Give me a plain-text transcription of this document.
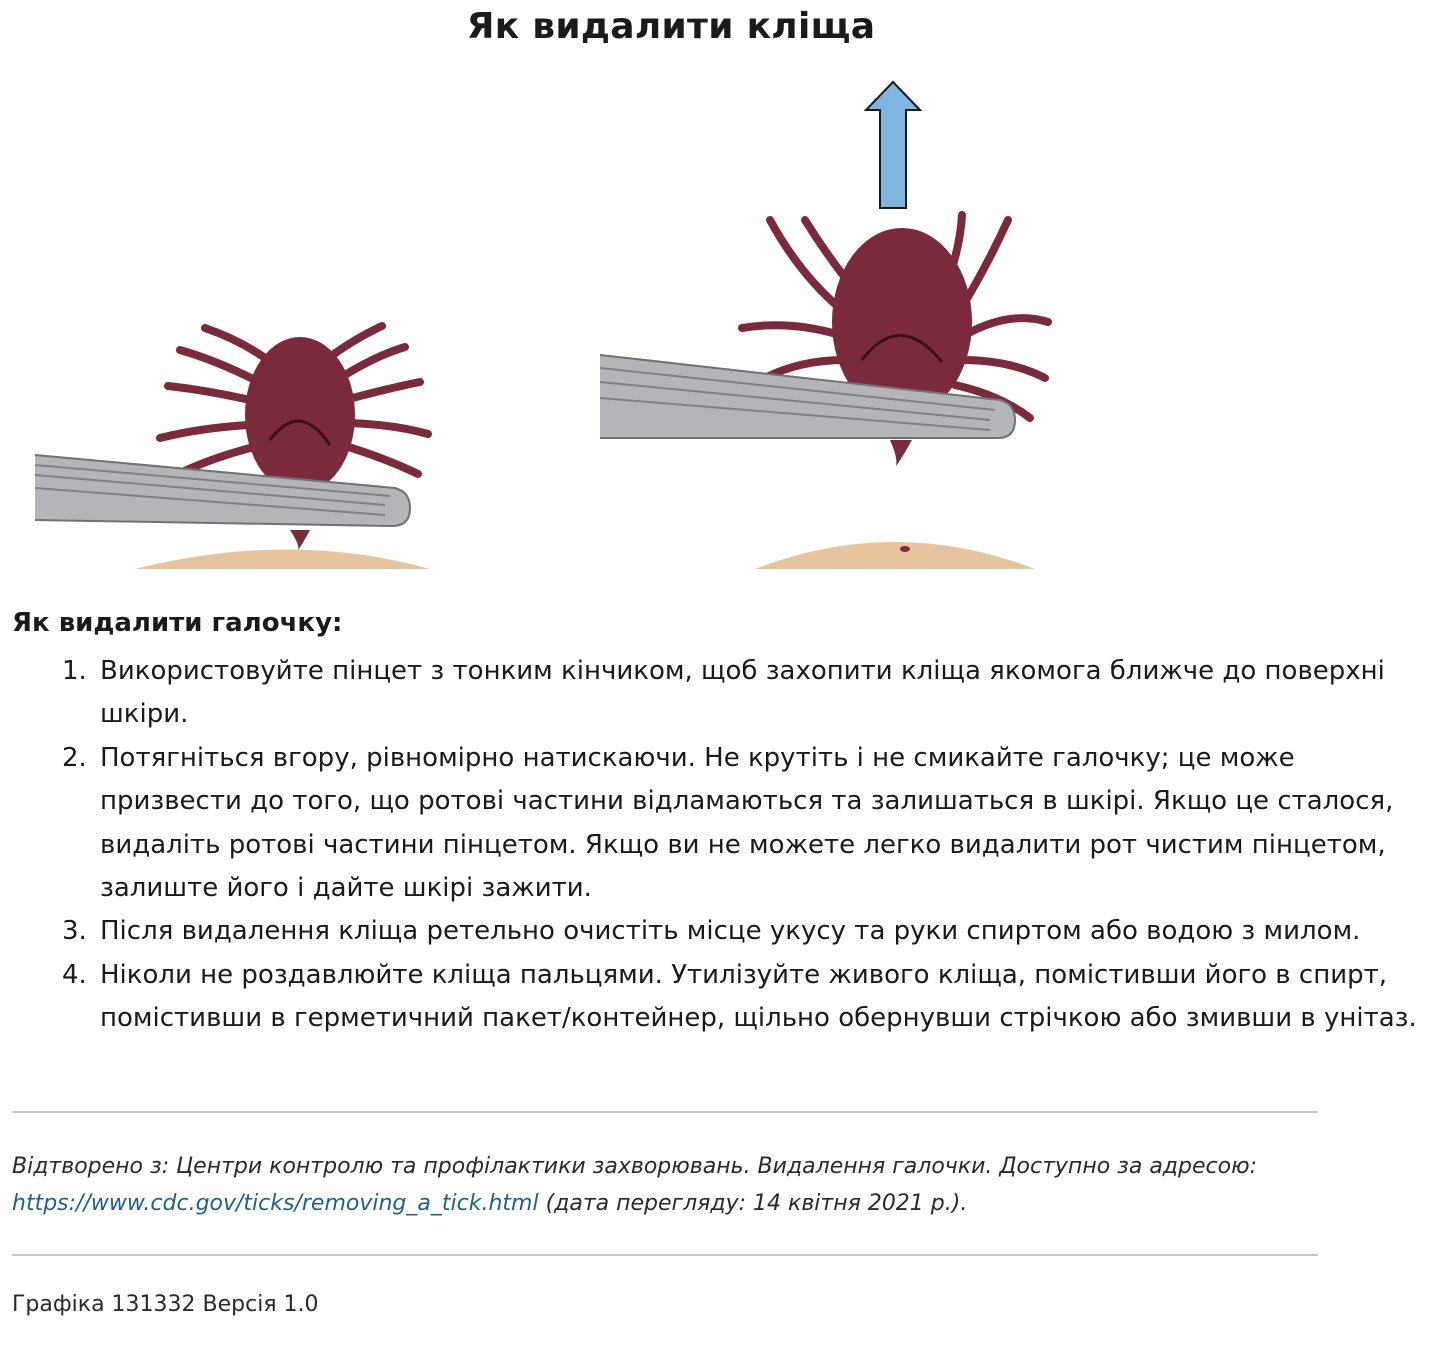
Як видалити кліща
Як видалити галочку:
1. Використовуйте пінцет з тонким кінчиком, щоб захопити кліща якомога ближче до поверхні шкіри.
2. Потягніться вгору, рівномірно натискаючи. Не крутіть і не смикайте галочку; це може призвести до того, що ротові частини відламаються та залишаться в шкірі. Якщо це сталося, видаліть ротові частини пінцетом. Якщо ви не можете легко видалити рот чистим пінцетом, залиште його і дайте шкірі зажити.
3. Після видалення кліща ретельно очистіть місце укусу та руки спиртом або водою з милом.
4. Ніколи не роздавлюйте кліща пальцями. Утилізуйте живого кліща, помістивши його в спирт, помістивши в герметичний пакет/контейнер, щільно обернувши стрічкою або змивши в унітаз.
Відтворено з: Центри контролю та профілактики захворювань. Видалення галочки. Доступно за адресою: https://www.cdc.gov/ticks/removing_a_tick.html (дата перегляду: 14 квітня 2021 р.).
Графіка 131332 Версія 1.0
